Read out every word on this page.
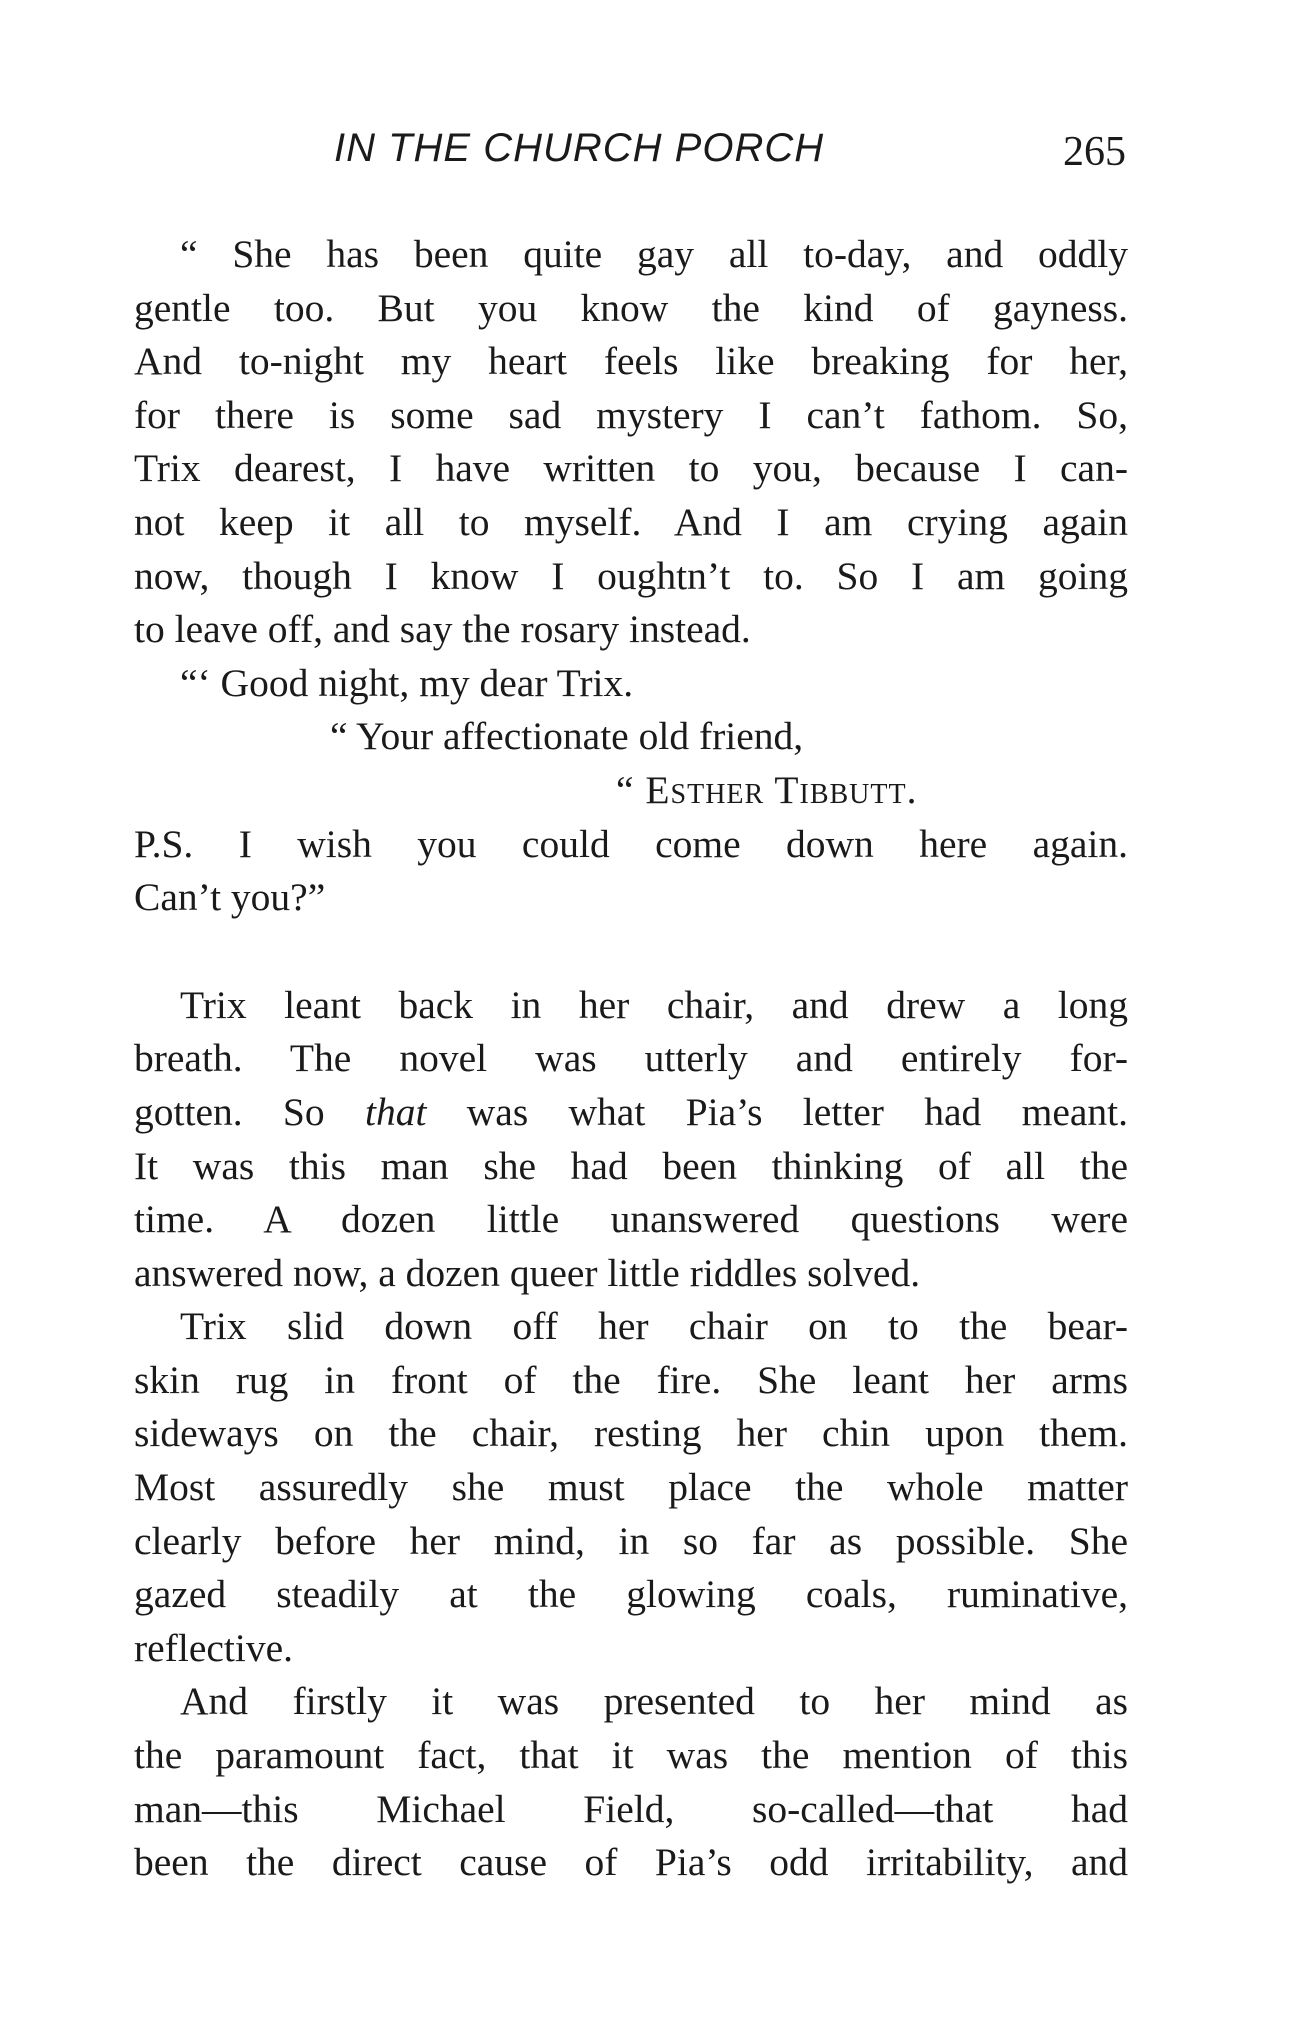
IN THE CHURCH PORCH	265
“ She has been quite gay all to-day, and oddly
gentle too. But you know the kind of gayness.
And to-night my heart feels like breaking for her,
for there is some sad mystery I can’t fathom. So,
Trix dearest, I have written to you, because I can-
not keep it all to myself. And I am crying again
now, though I know I oughtn’t to. So I am going
to leave off, and say the rosary instead.
“‘ Good night, my dear Trix.
“ Your affectionate old friend,
“ Esther Tibbutt.
P.S. I wish you could come down here again.
Can’t you?”
Trix leant back in her chair, and drew a long
breath. The novel was utterly and entirely for-
gotten. So that was what Pia’s letter had meant.
It was this man she had been thinking of all the
time. A dozen little unanswered questions were
answered now, a dozen queer little riddles solved.
Trix slid down off her chair on to the bear-
skin rug in front of the fire. She leant her arms
sideways on the chair, resting her chin upon them.
Most assuredly she must place the whole matter
clearly before her mind, in so far as possible. She
gazed steadily at the glowing coals, ruminative,
reflective.
And firstly it was presented to her mind as
the paramount fact, that it was the mention of this
man—this Michael Field, so-called—that had
been the direct cause of Pia’s odd irritability, and
